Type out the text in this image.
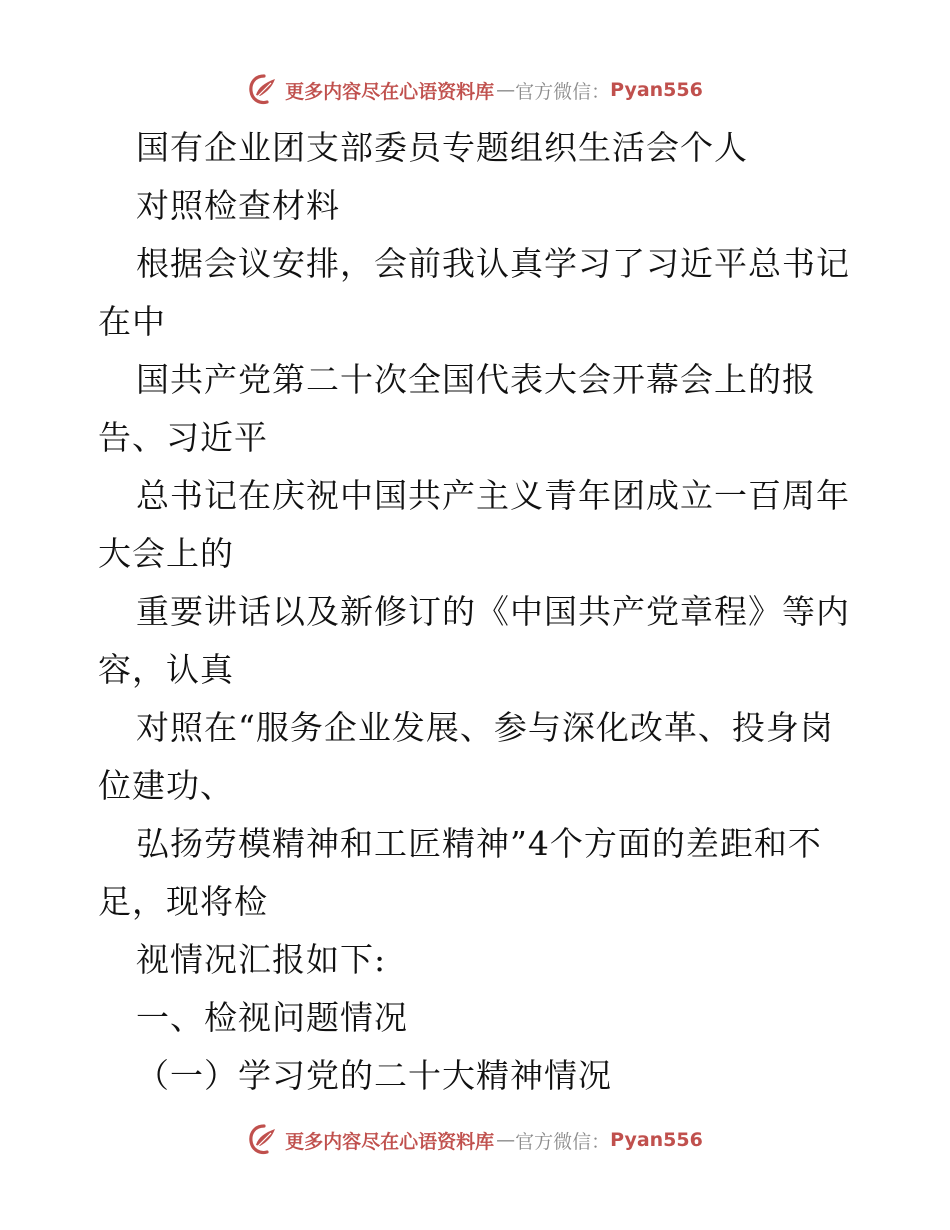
更多内容尽在心语资料库 — 官方微信： Pyan556
国有企业团支部委员专题组织生活会个人
对照检查材料
根据会议安排，会前我认真学习了习近平总书记
在中
国共产党第二十次全国代表大会开幕会上的报
告、习近平
总书记在庆祝中国共产主义青年团成立一百周年
大会上的
重要讲话以及新修订的《中国共产党章程》等内
容，认真
对照在“服务企业发展、参与深化改革、投身岗
位建功、
弘扬劳模精神和工匠精神”4个方面的差距和不
足，现将检
视情况汇报如下:
一、检视问题情况
（一）学习党的二十大精神情况
更多内容尽在心语资料库 — 官方微信： Pyan556
